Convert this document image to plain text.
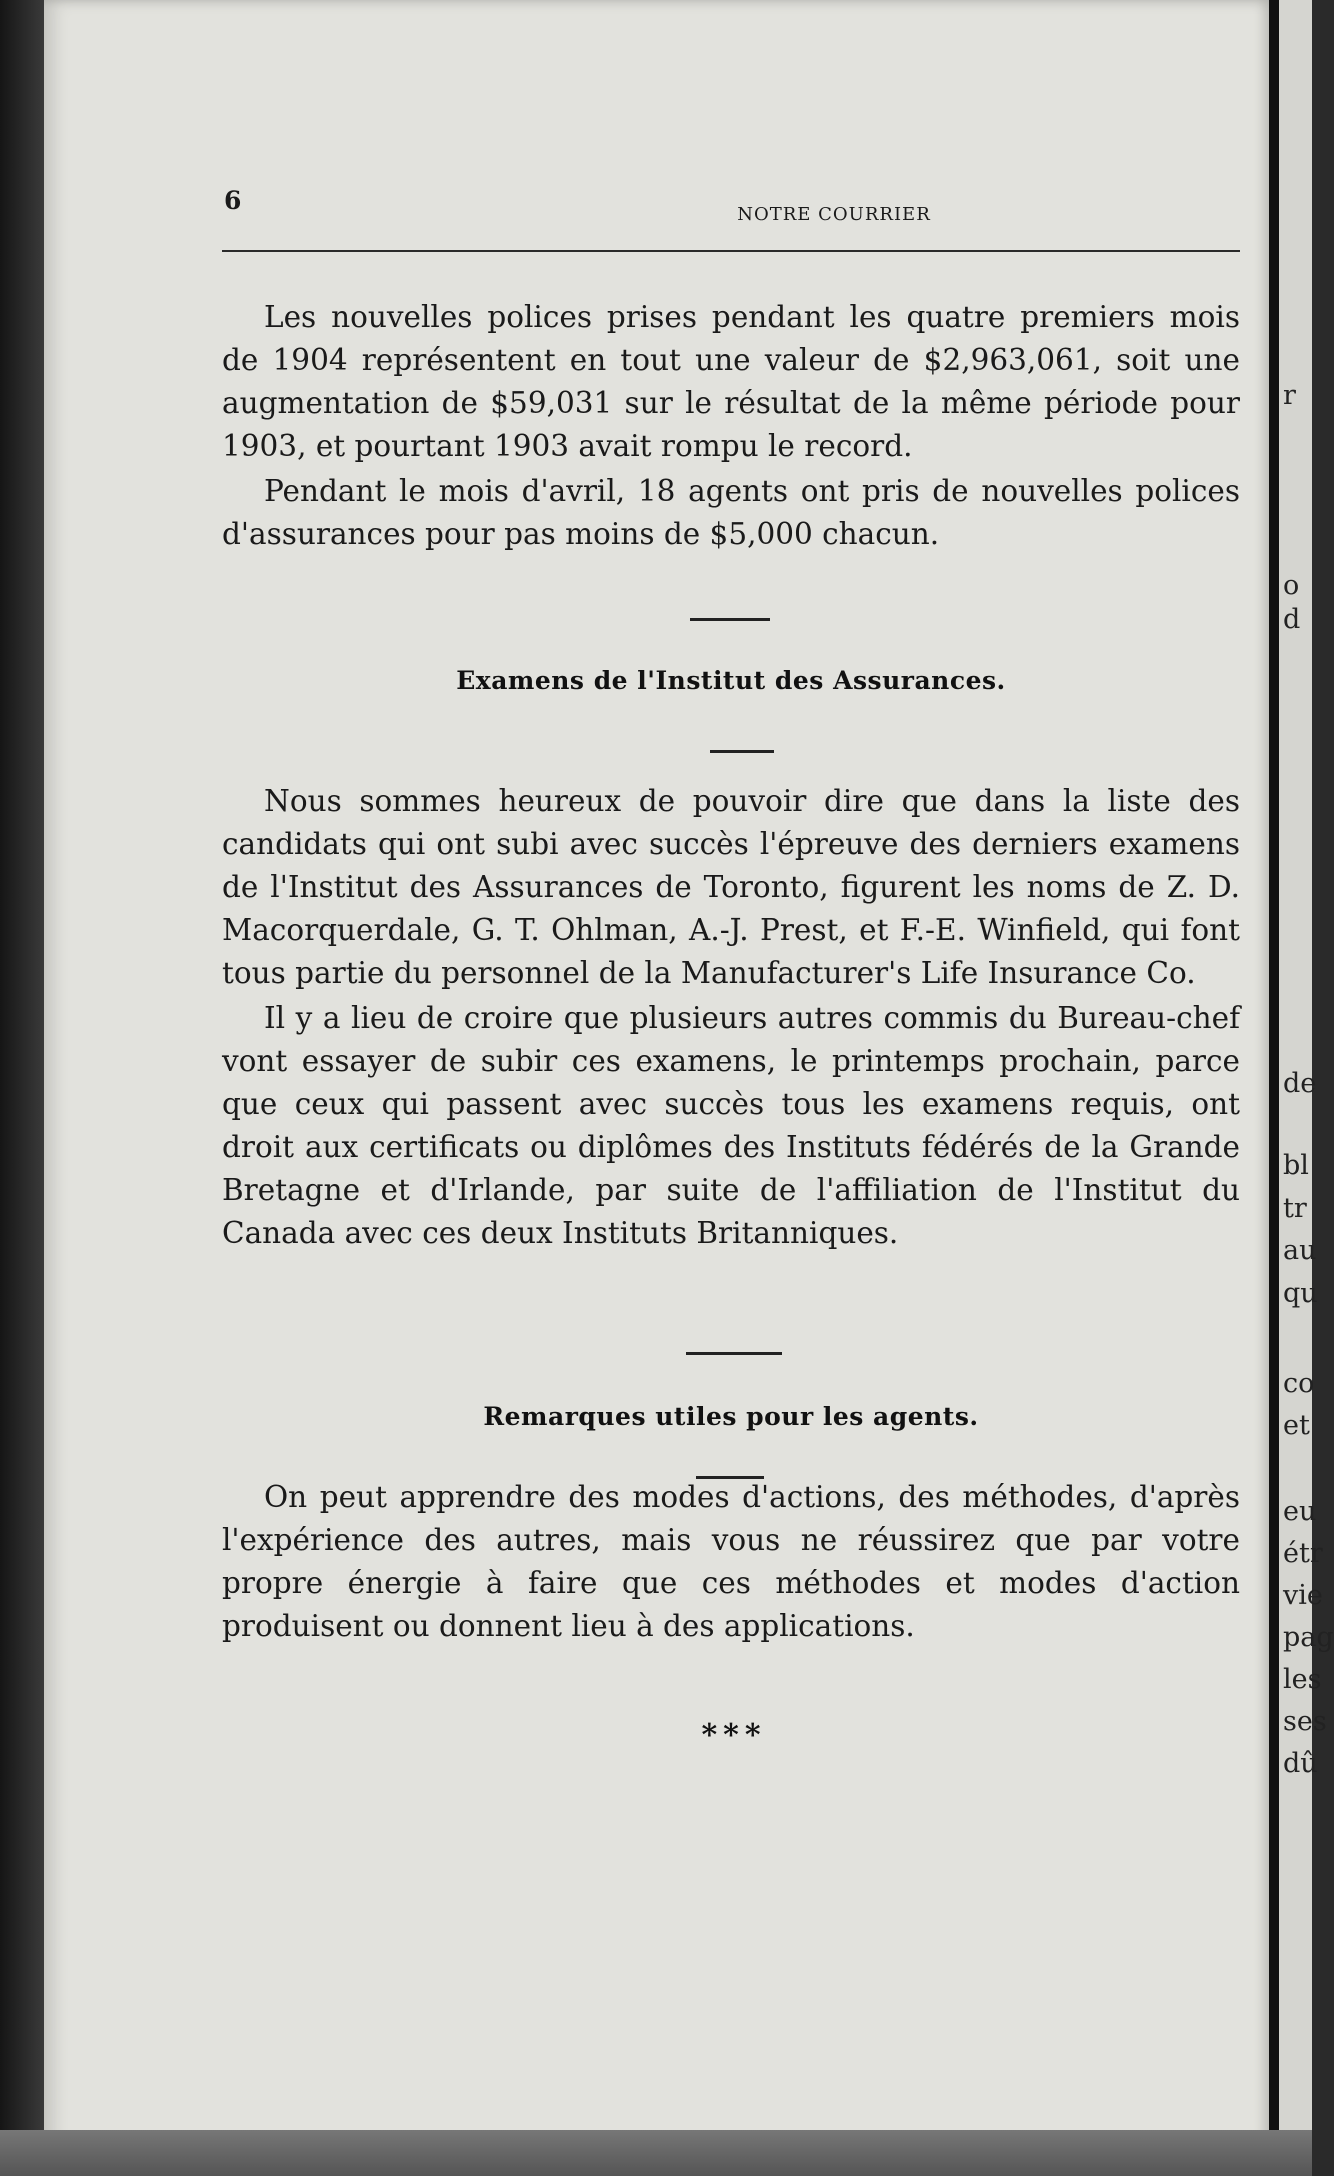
r
o
d
de
bl
tr
au
qu
co
et
eu
étr
vie
pag
les
ses
dû
6	NOTRE COURRIER

Les nouvelles polices prises pendant les quatre premiers mois de 1904 représentent en tout une valeur de $2,963,061, soit une augmentation de $59,031 sur le résultat de la même période pour 1903, et pourtant 1903 avait rompu le record.

Pendant le mois d'avril, 18 agents ont pris de nouvelles polices d'assurances pour pas moins de $5,000 chacun.

Examens de l'Institut des Assurances.

Nous sommes heureux de pouvoir dire que dans la liste des candidats qui ont subi avec succès l'épreuve des derniers examens de l'Institut des Assurances de Toronto, figurent les noms de Z. D. Macorquerdale, G. T. Ohlman, A.-J. Prest, et F.-E. Winfield, qui font tous partie du personnel de la Manufacturer's Life Insurance Co.

Il y a lieu de croire que plusieurs autres commis du Bureau-chef vont essayer de subir ces examens, le printemps prochain, parce que ceux qui passent avec succès tous les examens requis, ont droit aux certificats ou diplômes des Instituts fédérés de la Grande Bretagne et d'Irlande, par suite de l'affiliation de l'Institut du Canada avec ces deux Instituts Britanniques.

Remarques utiles pour les agents.

On peut apprendre des modes d'actions, des méthodes, d'après l'expérience des autres, mais vous ne réussirez que par votre propre énergie à faire que ces méthodes et modes d'action produisent ou donnent lieu à des applications.

* * *
